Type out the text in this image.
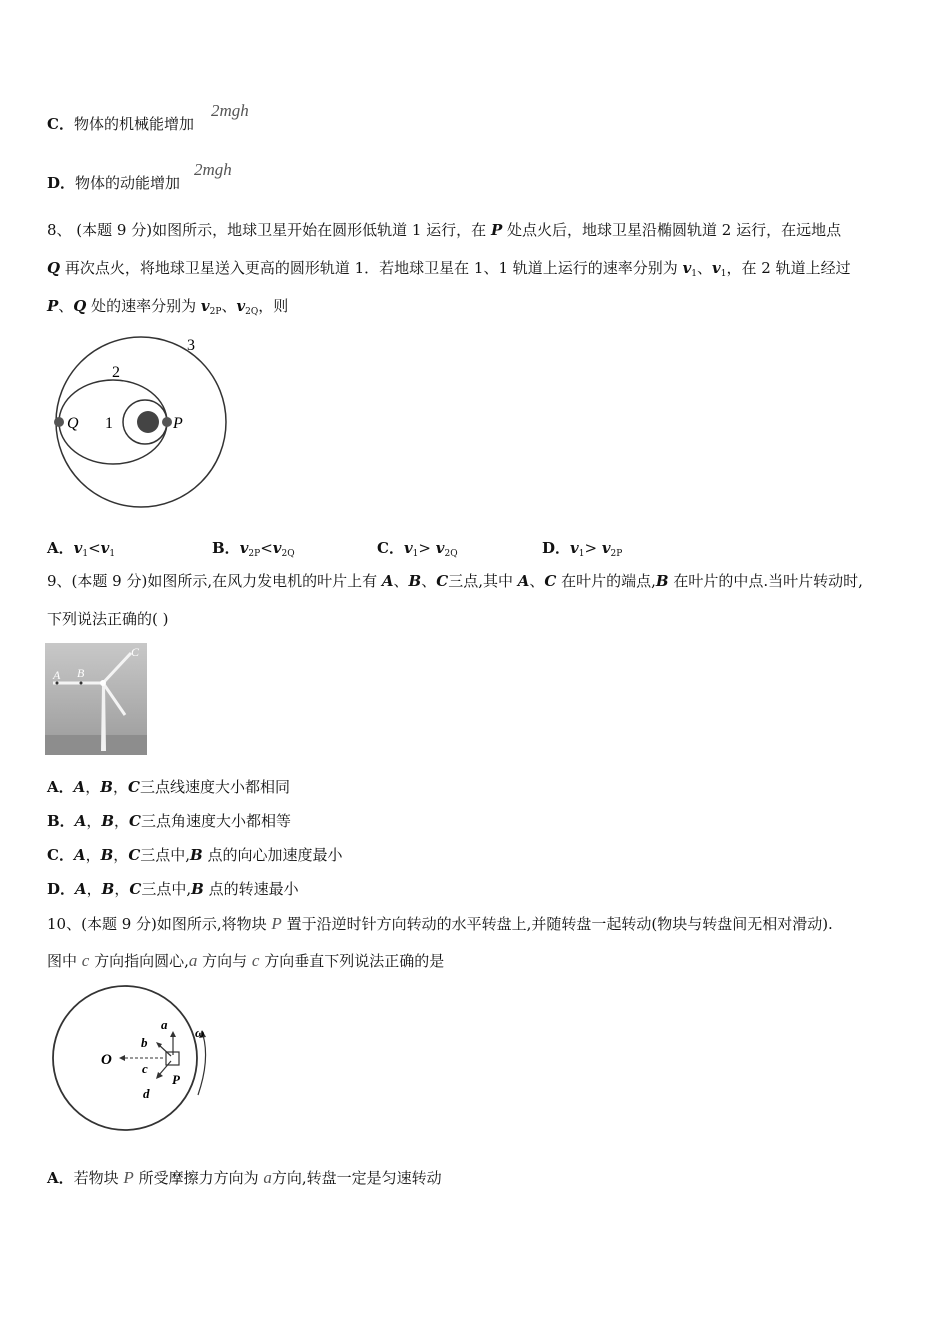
C．物体的机械能增加
2mgh
D．物体的动能增加
2mgh
8、 (本题 9 分)如图所示，地球卫星开始在圆形低轨道 1 运行，在 P 处点火后，地球卫星沿椭圆轨道 2 运行，在远地点
Q 再次点火，将地球卫星送入更高的圆形轨道 1．若地球卫星在 1、1 轨道上运行的速率分别为 $v_1$、$v_1$，在 2 轨道上经过
P、Q 处的速率分别为 $v_{2P}$、$v_{2Q}$，则
3
2
1
Q	P
A．$v_1<v_1$	B．$v_{2P}<v_{2Q}$	C．$v_1> v_{2Q}$	D．$v_1> v_{2P}$
9、(本题 9 分)如图所示,在风力发电机的叶片上有 A、B、C三点,其中 A、C 在叶片的端点,B 在叶片的中点.当叶片转动时,
下列说法正确的( )
A B
C
A．A，B，C三点线速度大小都相同
B．A，B，C三点角速度大小都相等
C．A，B，C三点中,B 点的向心加速度最小
D．A，B，C三点中,B 点的转速最小
10、(本题 9 分)如图所示,将物块 P 置于沿逆时针方向转动的水平转盘上,并随转盘一起转动(物块与转盘间无相对滑动).
图中 c 方向指向圆心,a 方向与 c 方向垂直下列说法正确的是
O
a
b
c
d
P
ω
A．若物块 P 所受摩擦力方向为 a方向,转盘一定是匀速转动
